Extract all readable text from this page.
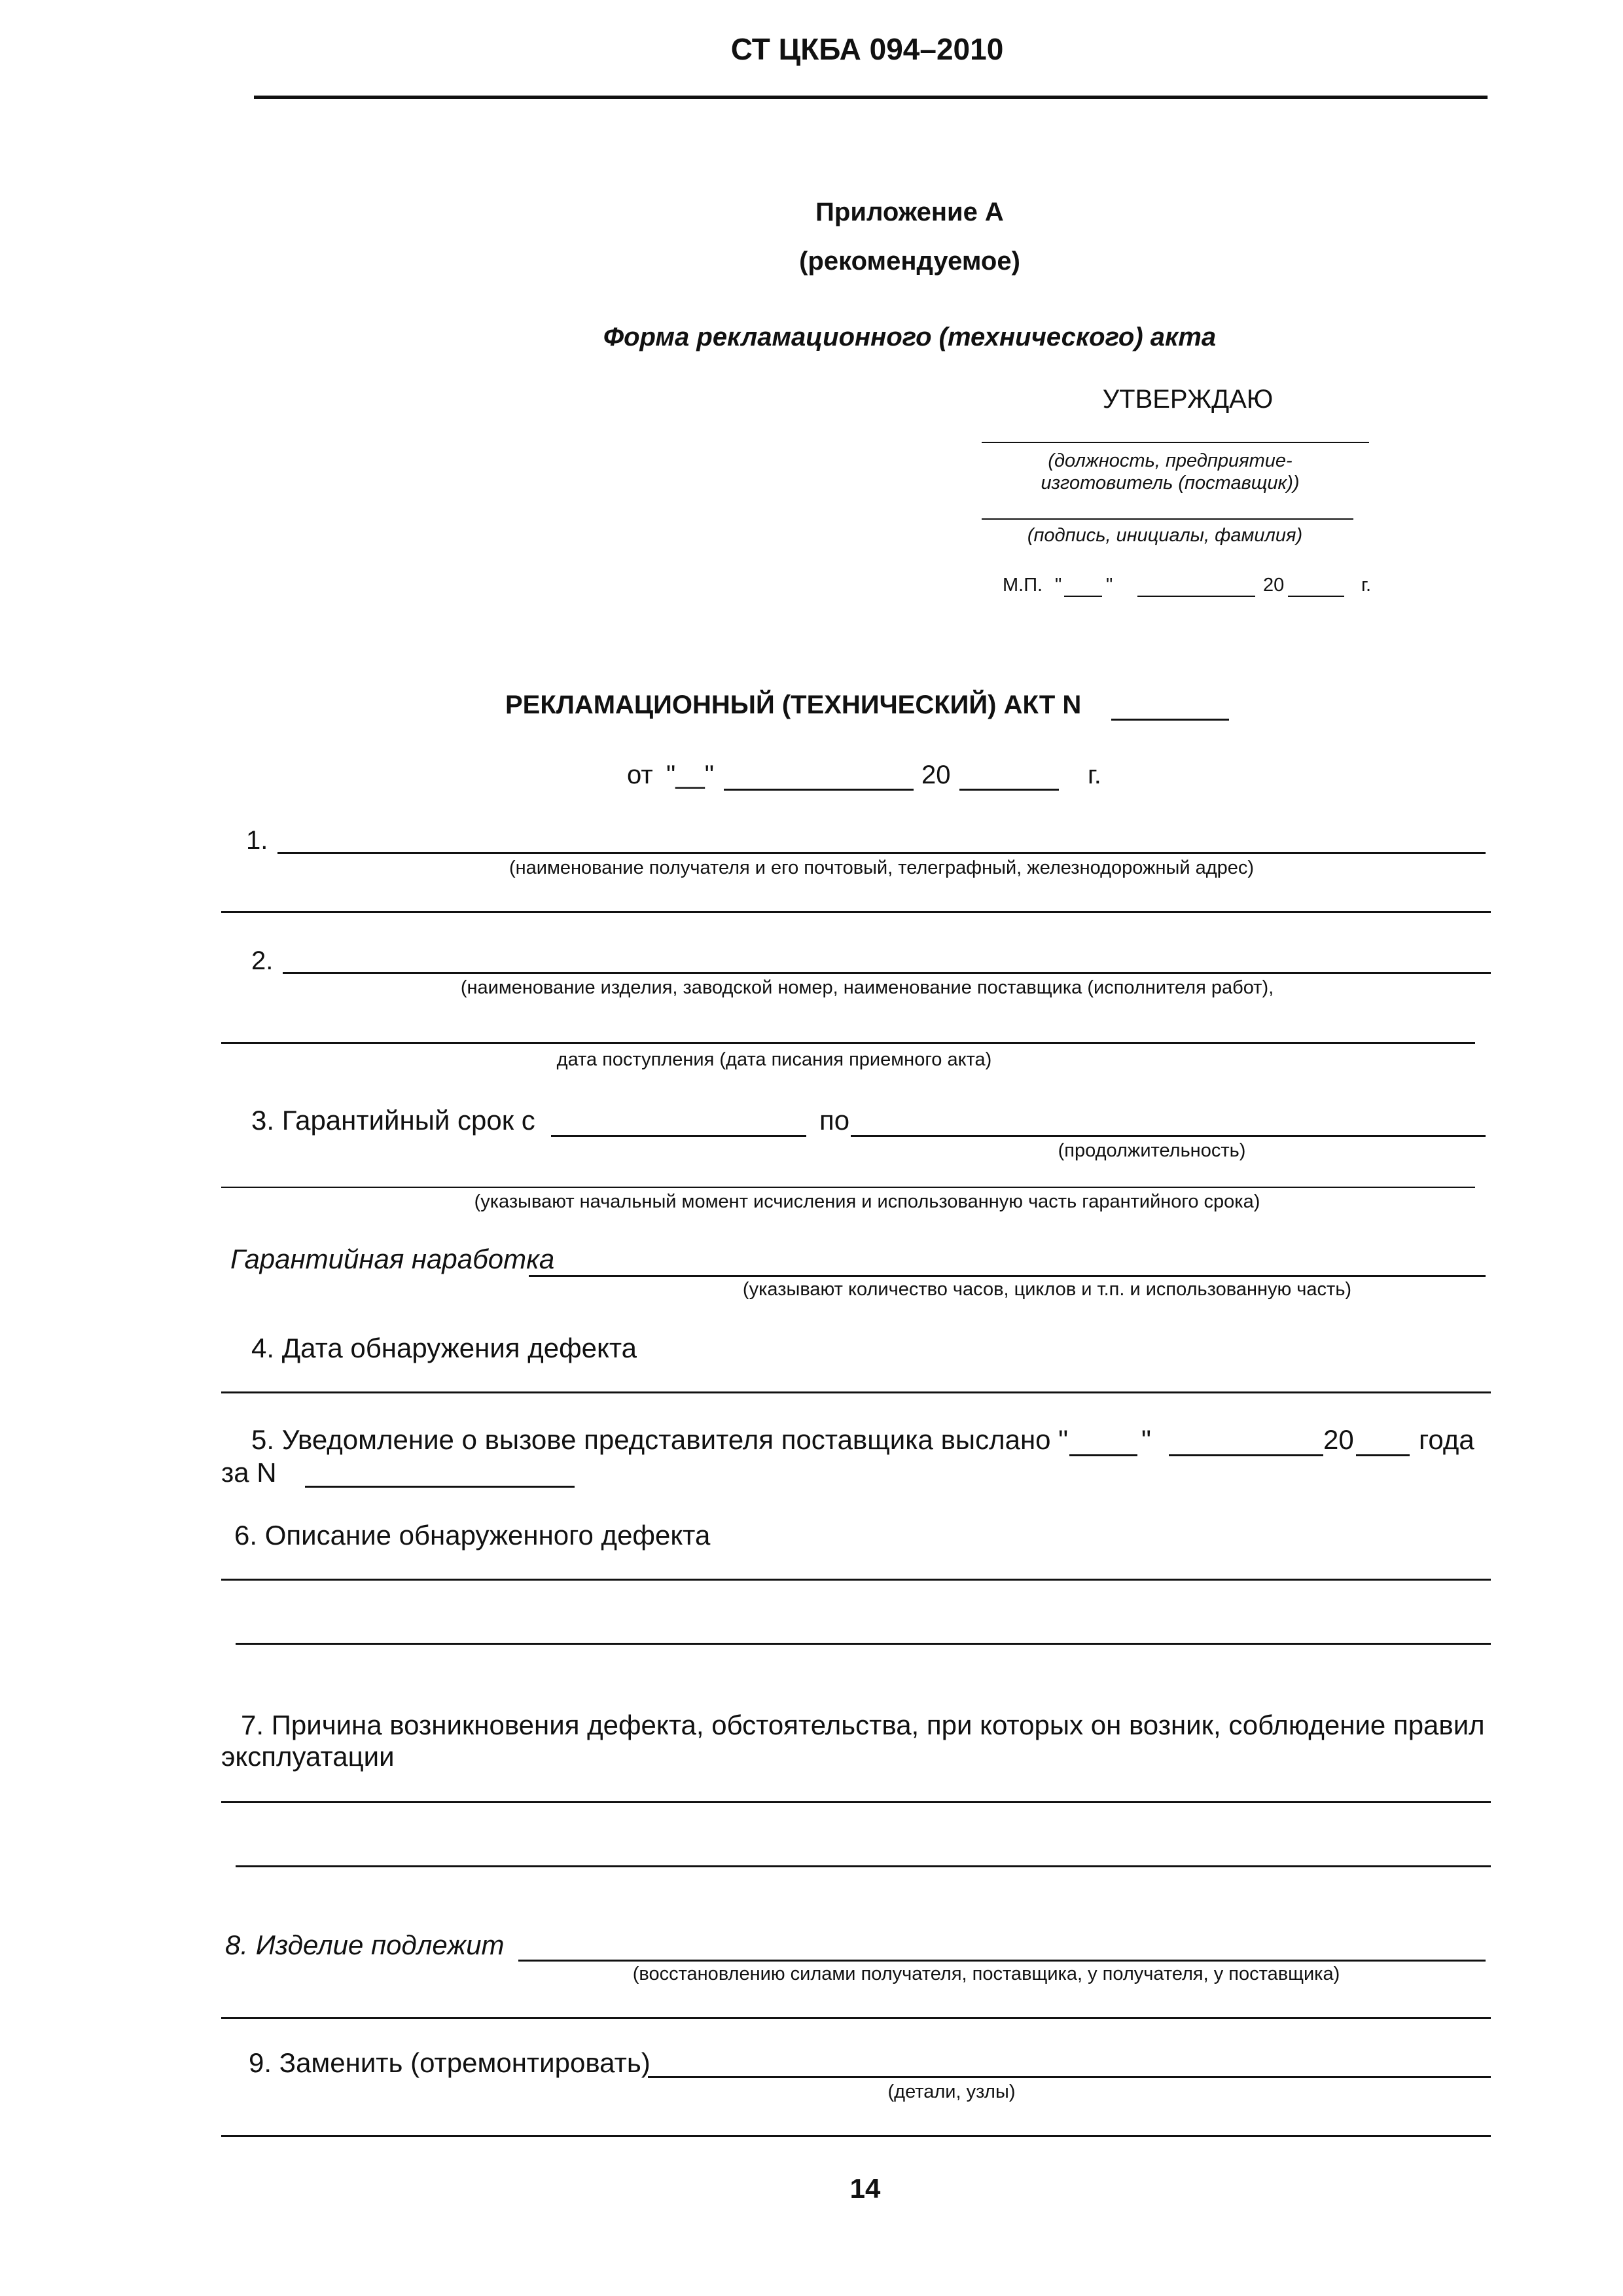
СТ ЦКБА 094–2010
Приложение А
(рекомендуемое)
Форма рекламационного (технического) акта
УТВЕРЖДАЮ
(должность, предприятие-
изготовитель (поставщик))
(подпись, инициалы, фамилия)
М.П. " "	20	г.
РЕКЛАМАЦИОННЫЙ (ТЕХНИЧЕСКИЙ) АКТ N
от "__"	20	г.
1.
(наименование получателя и его почтовый, телеграфный, железнодорожный адрес)
2.
(наименование изделия, заводской номер, наименование поставщика (исполнителя работ),
дата поступления (дата писания приемного акта)
3. Гарантийный срок с	по
(продолжительность)
(указывают начальный момент исчисления и использованную часть гарантийного срока)
Гарантийная наработка
(указывают количество часов, циклов и т.п. и использованную часть)
4. Дата обнаружения дефекта
5. Уведомление о вызове представителя поставщика выслано "	"	20 года
за N
6. Описание обнаруженного дефекта
7. Причина возникновения дефекта, обстоятельства, при которых он возник, соблюдение правил
эксплуатации
8. Изделие подлежит
(восстановлению силами получателя, поставщика, у получателя, у поставщика)
9. Заменить (отремонтировать)
(детали, узлы)
14
